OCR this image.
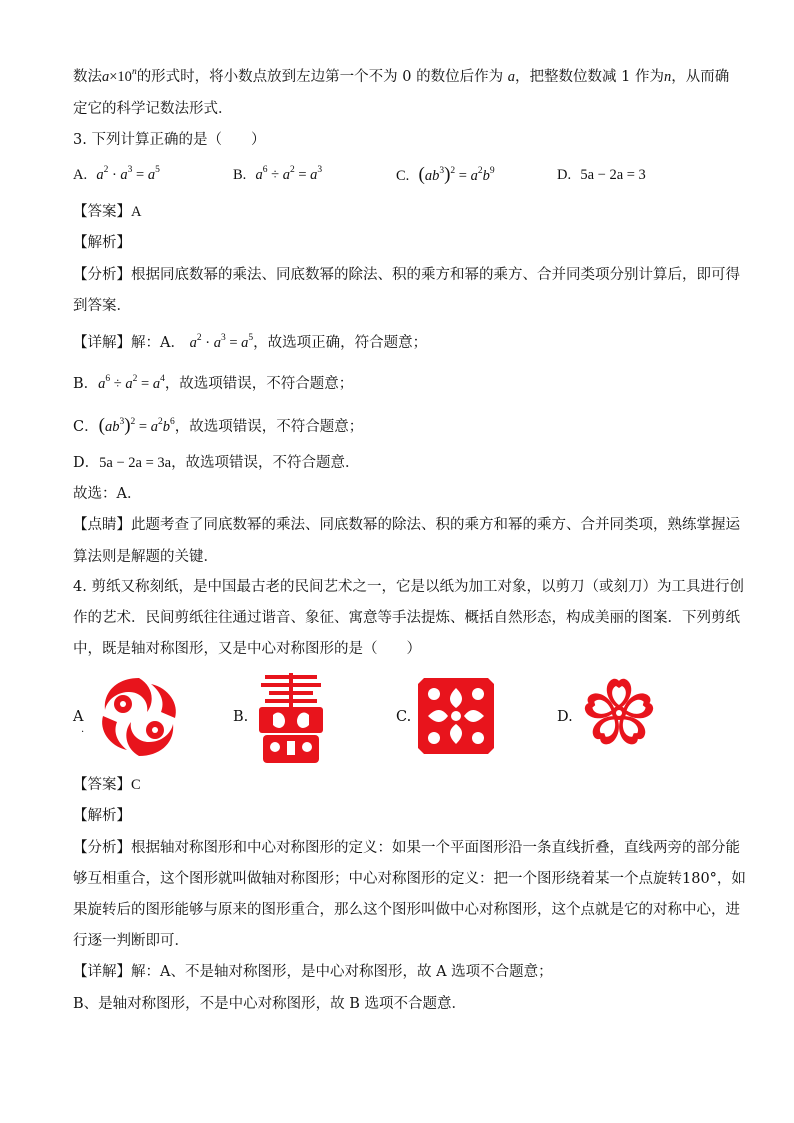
数法$a\times 10^n$的形式时，将小数点放到左边第一个不为 0 的数位后作为 a，把整数位数减 1 作为n，从而确
定它的科学记数法形式．
3. 下列计算正确的是（　　）
A. $a^2 \cdot a^3 = a^5$	B. $a^6 \div a^2 = a^3$	C. $(ab^3)^2 = a^2b^9$	D. 5a − 2a = 3
【答案】A
【解析】
【分析】根据同底数幂的乘法、同底数幂的除法、积的乘方和幂的乘方、合并同类项分别计算后，即可得
到答案．
【详解】解：A． $a^2 \cdot a^3 = a^5$，故选项正确，符合题意；
B．$a^6 \div a^2 = a^4$，故选项错误，不符合题意；
C．$(ab^3)^2 = a^2b^6$，故选项错误，不符合题意；
D．5a − 2a = 3a，故选项错误，不符合题意．
故选：A．
【点睛】此题考查了同底数幂的乘法、同底数幂的除法、积的乘方和幂的乘方、合并同类项，熟练掌握运
算法则是解题的关键．
4. 剪纸又称刻纸，是中国最古老的民间艺术之一，它是以纸为加工对象，以剪刀（或刻刀）为工具进行创
作的艺术．民间剪纸往往通过谐音、象征、寓意等手法提炼、概括自然形态，构成美丽的图案．下列剪纸
中，既是轴对称图形，又是中心对称图形的是（　　）
A	B.	C.	D.
.
【答案】C
【解析】
【分析】根据轴对称图形和中心对称图形的定义：如果一个平面图形沿一条直线折叠，直线两旁的部分能
够互相重合，这个图形就叫做轴对称图形；中心对称图形的定义：把一个图形绕着某一个点旋转180°，如
果旋转后的图形能够与原来的图形重合，那么这个图形叫做中心对称图形，这个点就是它的对称中心，进
行逐一判断即可．
【详解】解：A、不是轴对称图形，是中心对称图形，故 A 选项不合题意；
B、是轴对称图形，不是中心对称图形，故 B 选项不合题意．
